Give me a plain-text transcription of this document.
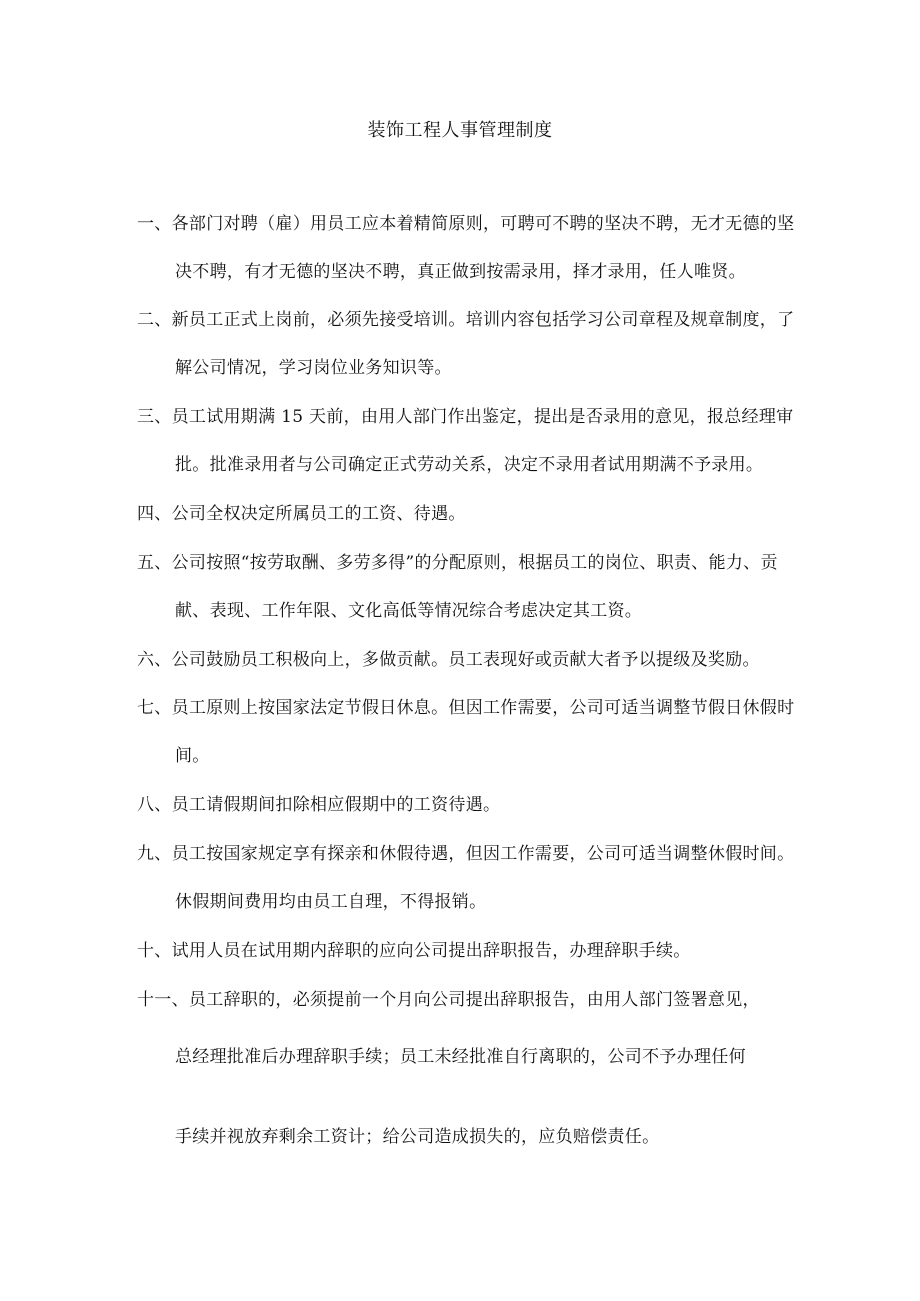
装饰工程人事管理制度
一、各部门对聘（雇）用员工应本着精简原则，可聘可不聘的坚决不聘，无才无德的坚
决不聘，有才无德的坚决不聘，真正做到按需录用，择才录用，任人唯贤。
二、新员工正式上岗前，必须先接受培训。培训内容包括学习公司章程及规章制度，了
解公司情况，学习岗位业务知识等。
三、员工试用期满 15 天前，由用人部门作出鉴定，提出是否录用的意见，报总经理审
批。批准录用者与公司确定正式劳动关系，决定不录用者试用期满不予录用。
四、公司全权决定所属员工的工资、待遇。
五、公司按照“按劳取酬、多劳多得”的分配原则，根据员工的岗位、职责、能力、贡
献、表现、工作年限、文化高低等情况综合考虑决定其工资。
六、公司鼓励员工积极向上，多做贡献。员工表现好或贡献大者予以提级及奖励。
七、员工原则上按国家法定节假日休息。但因工作需要，公司可适当调整节假日休假时
间。
八、员工请假期间扣除相应假期中的工资待遇。
九、员工按国家规定享有探亲和休假待遇，但因工作需要，公司可适当调整休假时间。
休假期间费用均由员工自理，不得报销。
十、试用人员在试用期内辞职的应向公司提出辞职报告，办理辞职手续。
十一、员工辞职的，必须提前一个月向公司提出辞职报告，由用人部门签署意见，
总经理批准后办理辞职手续；员工未经批准自行离职的，公司不予办理任何
手续并视放弃剩余工资计；给公司造成损失的，应负赔偿责任。
